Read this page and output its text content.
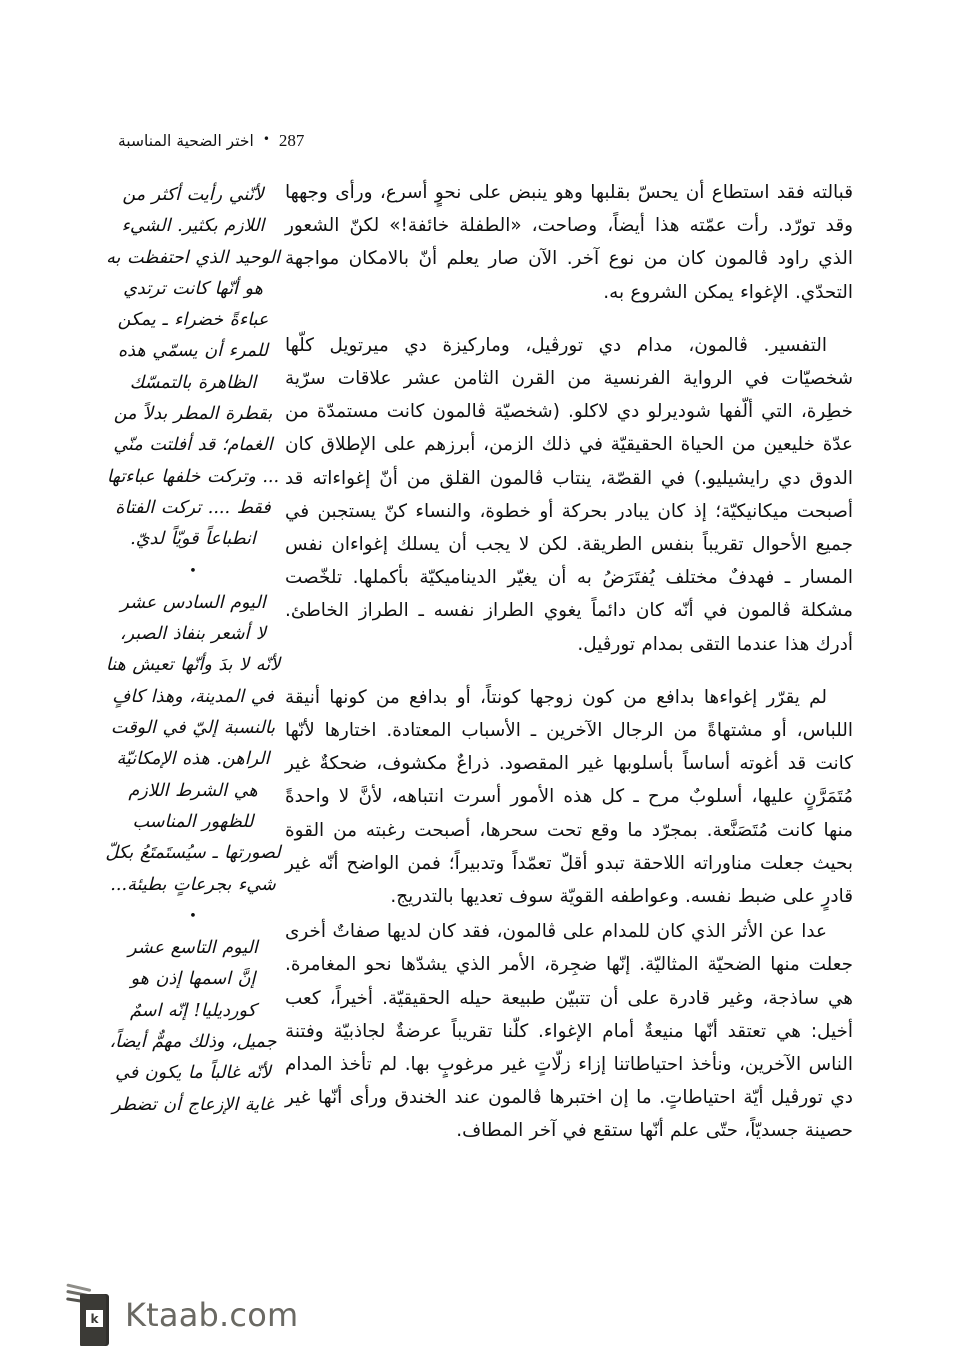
اختر الضحية المناسبة • 287

قبالته فقد استطاع أن يحسّ بقلبها وهو ينبض على نحوٍ أسرع، ورأى وجهها وقد تورّد. رأت عمّته هذا أيضاً، وصاحت، «الطفلة خائفة!» لكنّ الشعور الذي راود ڤالمون كان من نوع آخر. الآن صار يعلم أنّ بالامكان مواجهة التحدّي. الإغواء يمكن الشروع به.

التفسير. ڤالمون، مدام دي تورڤيل، وماركيزة دي ميرتويل كلّها شخصيّات في الرواية الفرنسية من القرن الثامن عشر علاقات سرّية خطِرة، التي ألّفها شوديرلو دي لاكلو. (شخصيّة ڤالمون كانت مستمدّة من عدّة خليعين من الحياة الحقيقيّة في ذلك الزمن، أبرزهم على الإطلاق كان الدوق دي رايشيليو.) في القصّة، ينتاب ڤالمون القلق من أنّ إغواءاته قد أصبحت ميكانيكيّة؛ إذ كان يبادر بحركة أو خطوة، والنساء كنّ يستجبن في جميع الأحوال تقريباً بنفس الطريقة. لكن لا يجب أن يسلك إغواءان نفس المسار ـ فهدفٌ مختلف يُفتَرَضُ به أن يغيّر الديناميكيّة بأكملها. تلخّصت مشكلة ڤالمون في أنّه كان دائماً يغوي الطراز نفسه ـ الطراز الخاطئ. أدرك هذا عندما التقى بمدام تورڤيل.

لم يقرّر إغواءها بدافع من كون زوجها كونتاً، أو بدافع من كونها أنيقة اللباس، أو مشتهاةً من الرجال الآخرين ـ الأسباب المعتادة. اختارها لأنّها كانت قد أغوته أساساً بأسلوبها غير المقصود. ذراعٌ مكشوف، ضحكةٌ غير مُتَمَرَّنٍ عليها، أسلوبٌ مرح ـ كل هذه الأمور أسرت انتباهه، لأنَّ لا واحدةً منها كانت مُتَصَنَّعة. بمجرّد ما وقع تحت سحرها، أصبحت رغبته من القوة بحيث جعلت مناوراته اللاحقة تبدو أقلّ تعمّداً وتدبيراً؛ فمن الواضح أنّه غير قادرٍ على ضبط نفسه. وعواطفه القويّة سوف تعديها بالتدريج.

عدا عن الأثر الذي كان للمدام على ڤالمون، فقد كان لديها صفاتٌ أخرى جعلت منها الضحيّة المثاليّة. إنّها ضجِرة، الأمر الذي يشدّها نحو المغامرة. هي ساذجة، وغير قادرة على أن تتبيّن طبيعة حيله الحقيقيّة. أخيراً، كعب أخيل: هي تعتقد أنّها منيعةٌ أمام الإغواء. كلّنا تقريباً عرضةٌ لجاذبيّة وفتنة الناس الآخرين، ونأخذ احتياطاتنا إزاء زلّاتٍ غير مرغوبٍ بها. لم تأخذ المدام دي تورڤيل أيّة احتياطاتٍ. ما إن اختبرها ڤالمون عند الخندق ورأى أنّها غير حصينة جسديّاً، حتّى علم أنّها ستقع في آخر المطاف.

لأنّني رأيت أكثر من اللازم بكثير. الشيء الوحيد الذي احتفظت به هو أنّها كانت ترتدي عباءةً خضراء ـ يمكن للمرء أن يسمّي هذه الظاهرة بالتمسّك بقطرة المطر بدلاً من الغمام؛ قد أفلتت منّي ... وتركت خلفها عباءتها فقط .... تركت الفتاة انطباعاً قويّاً لديّ.

•

اليوم السادس عشر

لا أشعر بنفاذ الصبر، لأنّه لا بدَ وأنّها تعيش هنا في المدينة، وهذا كافٍ بالنسبة إليّ في الوقت الراهن. هذه الإمكانيّة هي الشرط اللازم للظهور المناسب لصورتها ـ سيُستَمتَعُ بكلّ شيء بجرعاتٍ بطيئة...

•

اليوم التاسع عشر

إنَّ اسمها إذن هو كورديليا! إنّه اسمٌ جميل، وذلك مهمٌّ أيضاً، لأنّه غالباً ما يكون في غاية الإزعاج أن تضطر

k Ktaab.com
